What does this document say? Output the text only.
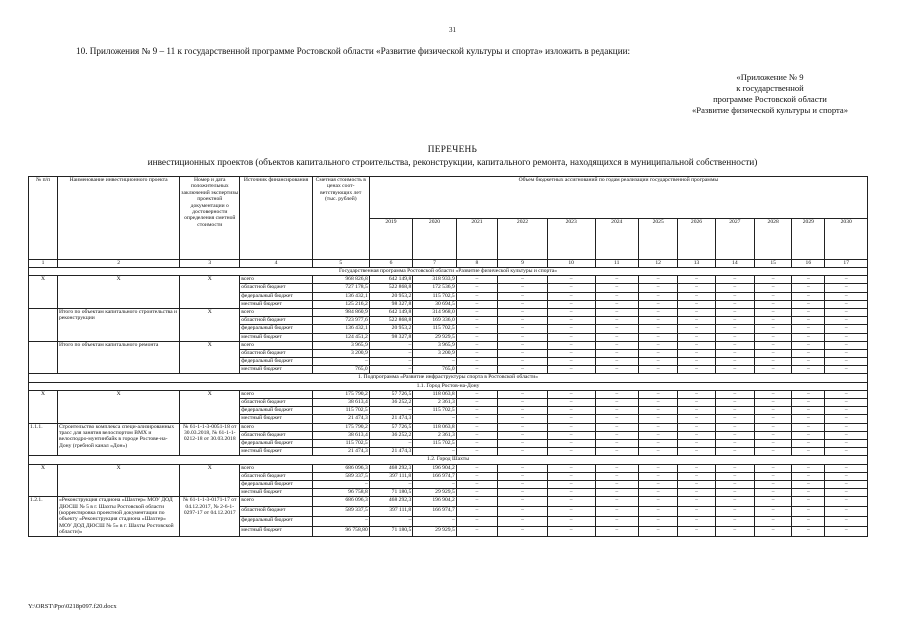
31
10. Приложения № 9 – 11 к государственной программе Ростовской области «Развитие физической культуры и спорта» изложить в редакции:
«Приложение № 9
к государственной
программе Ростовской области
«Развитие физической культуры и спорта»
ПЕРЕЧЕНЬ
инвестиционных проектов (объектов капитального строительства, реконструкции, капитального ремонта, находящихся в муниципальной собственности)
№ п/п	Наименование инвестиционного проекта	Номер и дата положительных заключений экспертизы проектной документации о достоверности определения сметной стоимости	Источник финансирования	Сметная стоимость в ценах соот-ветствующих лет (тыс. рублей)	Объем бюджетных ассигнований по годам реализации государственной программы											
					2019	2020	2021	2022	2023	2024	2025	2026	2027	2028	2029	2030
1	2	3	4	5	6	7	8	9	10	11	12	13	14	15	16	17
Государственная программа Ростовской области «Развитие физической культуры и спорта»																
Х	Х	Х	всего	968 826,8	642 149,8	318 933,9	–	–	–	–	–	–	–	–	–	–
			областной бюджет	727 178,5	522 868,8	172 536,9	–	–	–	–	–	–	–	–	–	–
			федеральный бюджет	136 432,1	20 953,2	115 702,5	–	–	–	–	–	–	–	–	–	–
			местный бюджет	125 216,2	98 327,8	30 694,5	–	–	–	–	–	–	–	–	–	–
	Итого по объектам капитального строительства и реконструкции	Х	всего	984 860,9	642 149,8	314 968,0	–	–	–	–	–	–	–	–	–	–
			областной бюджет	723 977,6	522 868,8	169 336,0	–	–	–	–	–	–	–	–	–	–
			федеральный бюджет	136 432,1	20 953,2	115 702,5	–	–	–	–	–	–	–	–	–	–
			местный бюджет	124 451,2	98 327,8	29 929,5	–	–	–	–	–	–	–	–	–	–
	Итого по объектам капитального ремонта	Х	всего	3 965,9	–	3 965,9	–	–	–	–	–	–	–	–	–	–
			областной бюджет	3 200,9	–	3 200,9	–	–	–	–	–	–	–	–	–	–
			федеральный бюджет	–	–	–	–	–	–	–	–	–	–	–	–	–
			местный бюджет	765,0	–	765,0	–	–	–	–	–	–	–	–	–	–
1. Подпрограмма «Развитие инфраструктуры спорта в Ростовской области»																
1.1. Город Ростов-на-Дону																
Х	Х	Х	всего	175 790,2	57 726,5	118 063,8	–	–	–	–	–	–	–	–	–	–
			областной бюджет	38 613,4	36 252,2	2 361,3	–	–	–	–	–	–	–	–	–	–
			федеральный бюджет	115 702,5	–	115 702,5	–	–	–	–	–	–	–	–	–	–
			местный бюджет	21 474,3	21 474,3	–	–	–	–	–	–	–	–	–	–	–
1.1.1.	Строительство комплекса специ-ализированных трасс для занятия велоспортом ВМХ и велосподро-мунтинбайк в городе Ростове-на-Дону (гребной канал «Дон»)	№ 61-1-1-3-0051-18 от 30.03.2018, № 61-1-1-0212-18 от 30.03.2018	всего	175 790,2	57 726,5	118 063,8	–	–	–	–	–	–	–	–	–	–
			областной бюджет	38 613,4	36 252,2	2 361,3	–	–	–	–	–	–	–	–	–	–
			федеральный бюджет	115 702,5	–	115 702,5	–	–	–	–	–	–	–	–	–	–
			местный бюджет	21 474,3	21 474,3	–	–	–	–	–	–	–	–	–	–	–
1.2. Город Шахты																
Х	Х	Х	всего	686 096,3	468 292,3	196 904,2	–	–	–	–	–	–	–	–	–	–
			областной бюджет	589 337,5	397 111,8	166 974,7	–	–	–	–	–	–	–	–	–	–
			федеральный бюджет	–	–	–	–	–	–	–	–	–	–	–	–	–
			местный бюджет	96 758,8	71 180,5	29 929,5	–	–	–	–	–	–	–	–	–	–
1.2.1.	«Реконструкция стадиона «Шахтер» МОУ ДОД ДЮСШ № 5 в г. Шахты Ростовской области (корректировка проектной документации по объекту «Реконструкция стадиона «Шахтер» МОУ ДОД ДЮСШ № 5» в г. Шахты Ростовской области)»	№ 61-1-1-3-0171-17 от 04.12.2017, № 2-6-1-0297-17 от 04.12.2017	всего	686 096,3	468 292,3	196 904,2	–	–	–	–	–	–	–	–	–	–
			областной бюджет	589 337,5	397 111,8	166 974,7	–	–	–	–	–	–	–	–	–	–
			федеральный бюджет	–	–	–	–	–	–	–	–	–	–	–	–	–
			местный бюджет	96 758,80	71 180,5	29 929,5	–	–	–	–	–	–	–	–	–	–
Y:\ORST\Ppo\0218p097.f20.docx
